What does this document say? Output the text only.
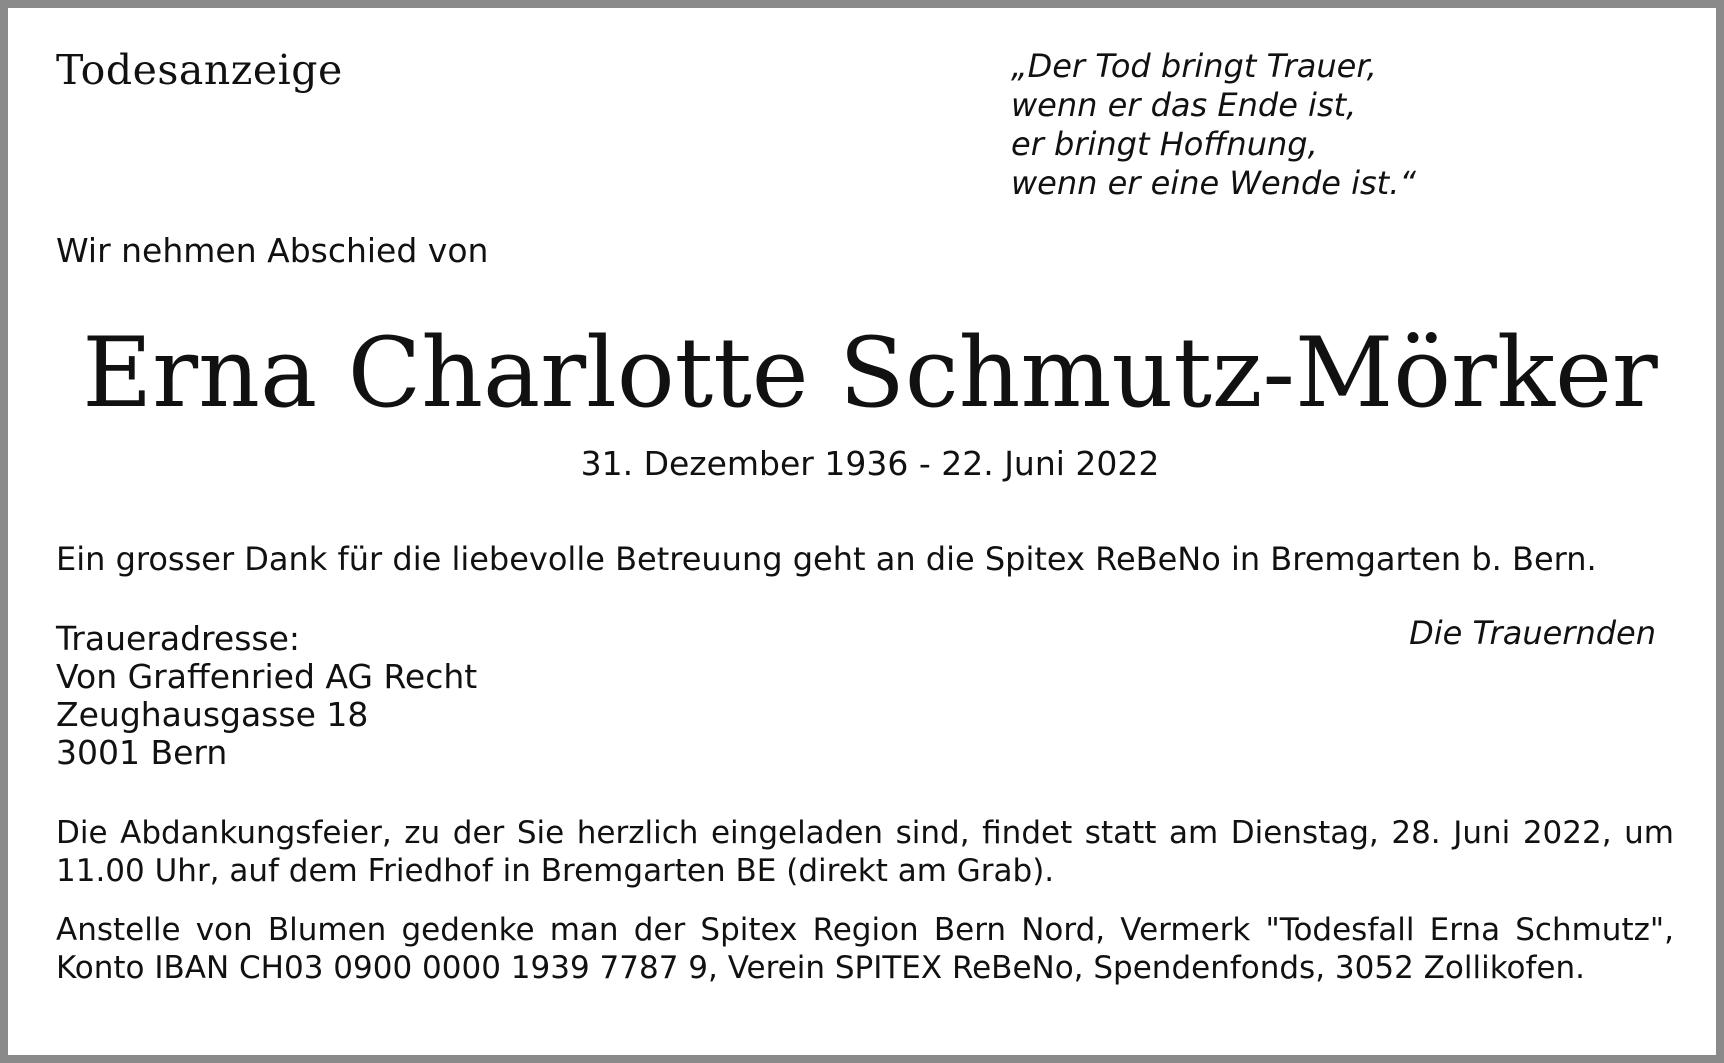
Todesanzeige	„Der Tod bringt Trauer,
wenn er das Ende ist,
er bringt Hoffnung,
wenn er eine Wende ist.“
Wir nehmen Abschied von
Erna Charlotte Schmutz-Mörker
31. Dezember 1936 - 22. Juni 2022
Ein grosser Dank für die liebevolle Betreuung geht an die Spitex ReBeNo in Bremgarten b. Bern.
Die Trauernden
Traueradresse:
Von Graffenried AG Recht
Zeughausgasse 18
3001 Bern
Die Abdankungsfeier, zu der Sie herzlich eingeladen sind, findet statt am Dienstag, 28. Juni 2022, um 11.00 Uhr, auf dem Friedhof in Bremgarten BE (direkt am Grab).
Anstelle von Blumen gedenke man der Spitex Region Bern Nord, Vermerk "Todesfall Erna Schmutz", Konto IBAN CH03 0900 0000 1939 7787 9, Verein SPITEX ReBeNo, Spendenfonds, 3052 Zollikofen.
